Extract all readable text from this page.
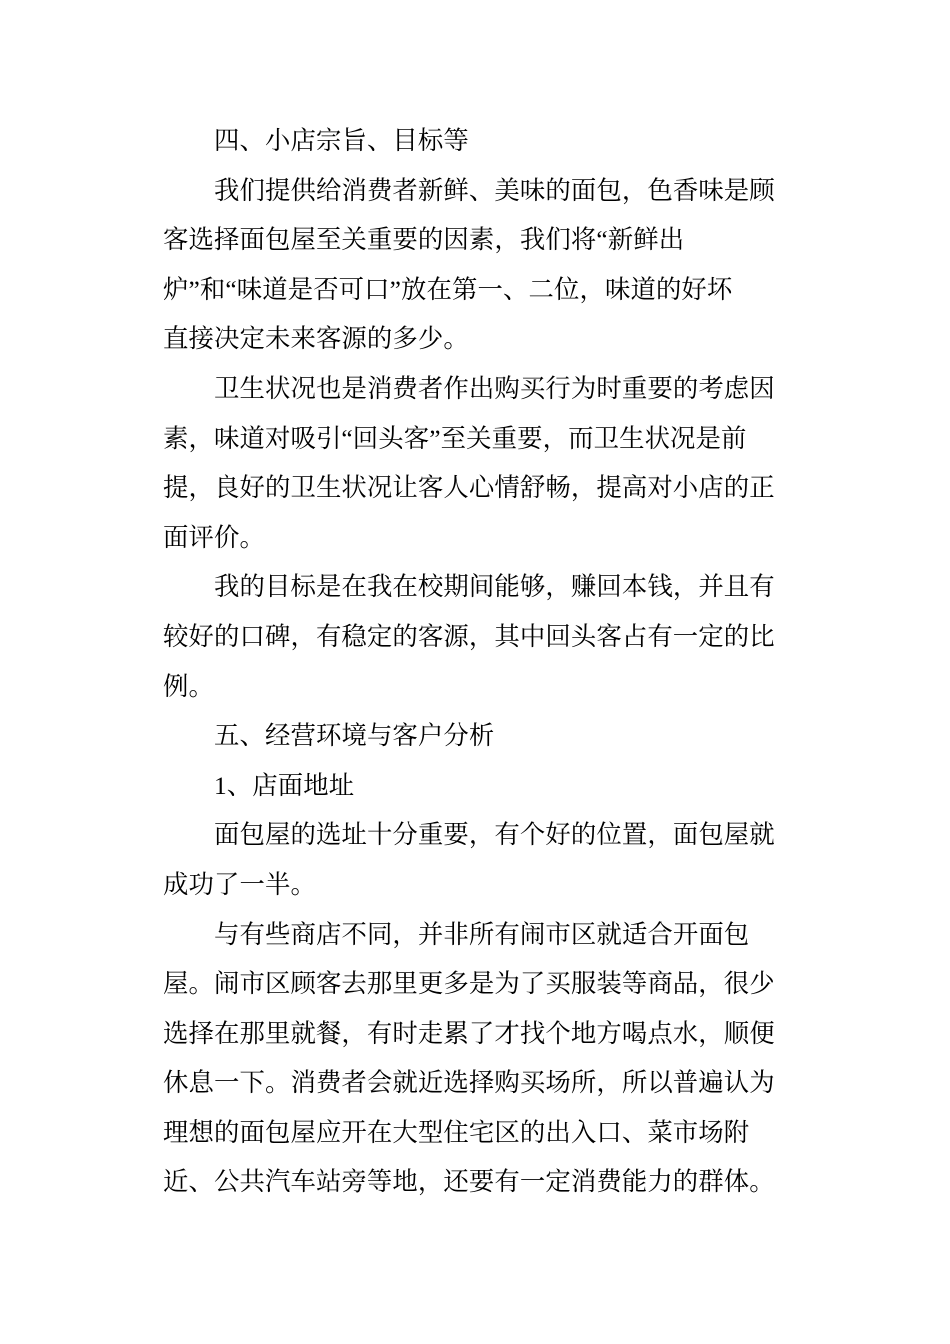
四、小店宗旨、目标等
我们提供给消费者新鲜、美味的面包，色香味是顾
客选择面包屋至关重要的因素，我们将“新鲜出
炉”和“味道是否可口”放在第一、二位，味道的好坏
直接决定未来客源的多少。
卫生状况也是消费者作出购买行为时重要的考虑因
素，味道对吸引“回头客”至关重要，而卫生状况是前
提，良好的卫生状况让客人心情舒畅，提高对小店的正
面评价。
我的目标是在我在校期间能够，赚回本钱，并且有
较好的口碑，有稳定的客源，其中回头客占有一定的比
例。
五、经营环境与客户分析
1、店面地址
面包屋的选址十分重要，有个好的位置，面包屋就
成功了一半。
与有些商店不同，并非所有闹市区就适合开面包
屋。闹市区顾客去那里更多是为了买服装等商品，很少
选择在那里就餐，有时走累了才找个地方喝点水，顺便
休息一下。消费者会就近选择购买场所，所以普遍认为
理想的面包屋应开在大型住宅区的出入口、菜市场附
近、公共汽车站旁等地，还要有一定消费能力的群体。
